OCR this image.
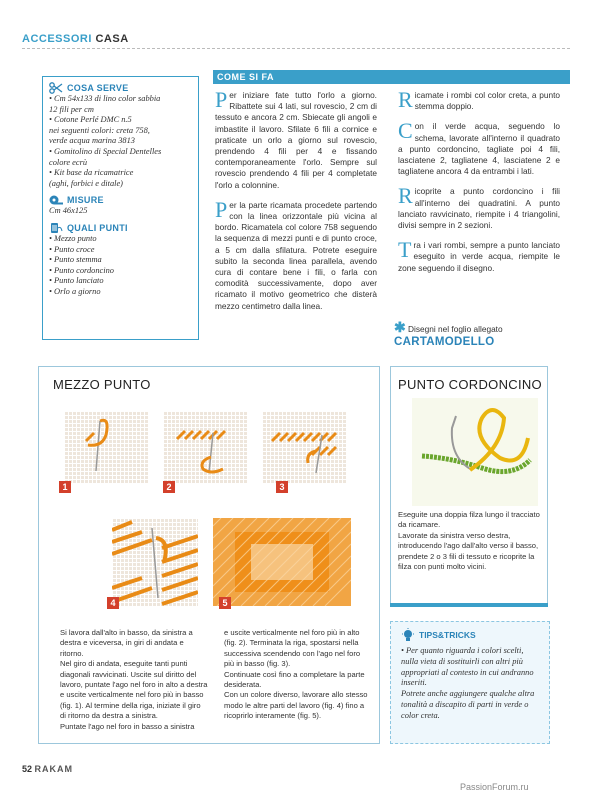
ACCESSORI CASA
COSA SERVE
• Cm 54x133 di lino color sabbia
12 fili per cm
• Cotone Perlé DMC n.5
nei seguenti colori: creta 758,
verde acqua marina 3813
• Gomitolino di Special Dentelles
colore ecrù
• Kit base da ricamatrice
(aghi, forbici e ditale)
MISURE
Cm 46x125
QUALI PUNTI
• Mezzo punto
• Punto croce
• Punto stemma
• Punto cordoncino
• Punto lanciato
• Orlo a giorno
COME SI FA
Per iniziare fate tutto l'orlo a giorno. Ribattete sui 4 lati, sul rovescio, 2 cm di tessuto e ancora 2 cm. Sbiecate gli angoli e imbastite il lavoro. Sfilate 6 fili a cornice e praticate un orlo a giorno sul rovescio, prendendo 4 fili per 4 e fissando contemporaneamente l'orlo. Sempre sul rovescio prendendo 4 fili per 4 completate l'orlo a colonnine.
Per la parte ricamata procedete partendo con la linea orizzontale più vicina al bordo. Ricamatela col colore 758 seguendo la sequenza di mezzi punti e di punto croce, a 5 cm dalla sfilatura. Potrete eseguire subito la seconda linea parallela, avendo cura di contare bene i fili, o farla con comodità successivamente, dopo aver ricamato il motivo geometrico che disterà mezzo centimetro dalla linea.
Ricamate i rombi col color creta, a punto stemma doppio.
Con il verde acqua, seguendo lo schema, lavorate all'interno il quadrato a punto cordoncino, tagliate poi 4 fili, lasciatene 2, tagliatene 4, lasciatene 2 e tagliatene ancora 4 da entrambi i lati.
Ricoprite a punto cordoncino i fili all'interno dei quadratini. A punto lanciato ravvicinato, riempite i 4 triangolini, divisi sempre in 2 sezioni.
Tra i vari rombi, sempre a punto lanciato eseguito in verde acqua, riempite le zone seguendo il disegno.
✱ Disegni nel foglio allegato
CARTAMODELLO
MEZZO PUNTO
1	2	3
4	5
Si lavora dall'alto in basso, da sinistra a destra e viceversa, in giri di andata e ritorno.
Nel giro di andata, eseguite tanti punti diagonali ravvicinati. Uscite sul diritto del lavoro, puntate l'ago nel foro in alto a destra e uscite verticalmente nel foro più in basso (fig. 1). Al termine della riga, iniziate il giro di ritorno da destra a sinistra.
Puntate l'ago nel foro in basso a sinistra
e uscite verticalmente nel foro più in alto (fig. 2). Terminata la riga, spostarsi nella successiva scendendo con l'ago nel foro più in basso (fig. 3).
Continuate così fino a completare la parte desiderata.
Con un colore diverso, lavorare allo stesso modo le altre parti del lavoro (fig. 4) fino a ricoprirlo interamente (fig. 5).
PUNTO CORDONCINO
Eseguite una doppia filza lungo il tracciato da ricamare.
Lavorate da sinistra verso destra, introducendo l'ago dall'alto verso il basso, prendete 2 o 3 fili di tessuto e ricoprite la filza con punti molto vicini.
TIPS&TRICKS
• Per quanto riguarda i colori scelti, nulla vieta di sostituirli con altri più appropriati al contesto in cui andranno inseriti.
Potrete anche aggiungere qualche altra tonalità a discapito di parti in verde o color creta.
52 RAKAM
PassionForum.ru
